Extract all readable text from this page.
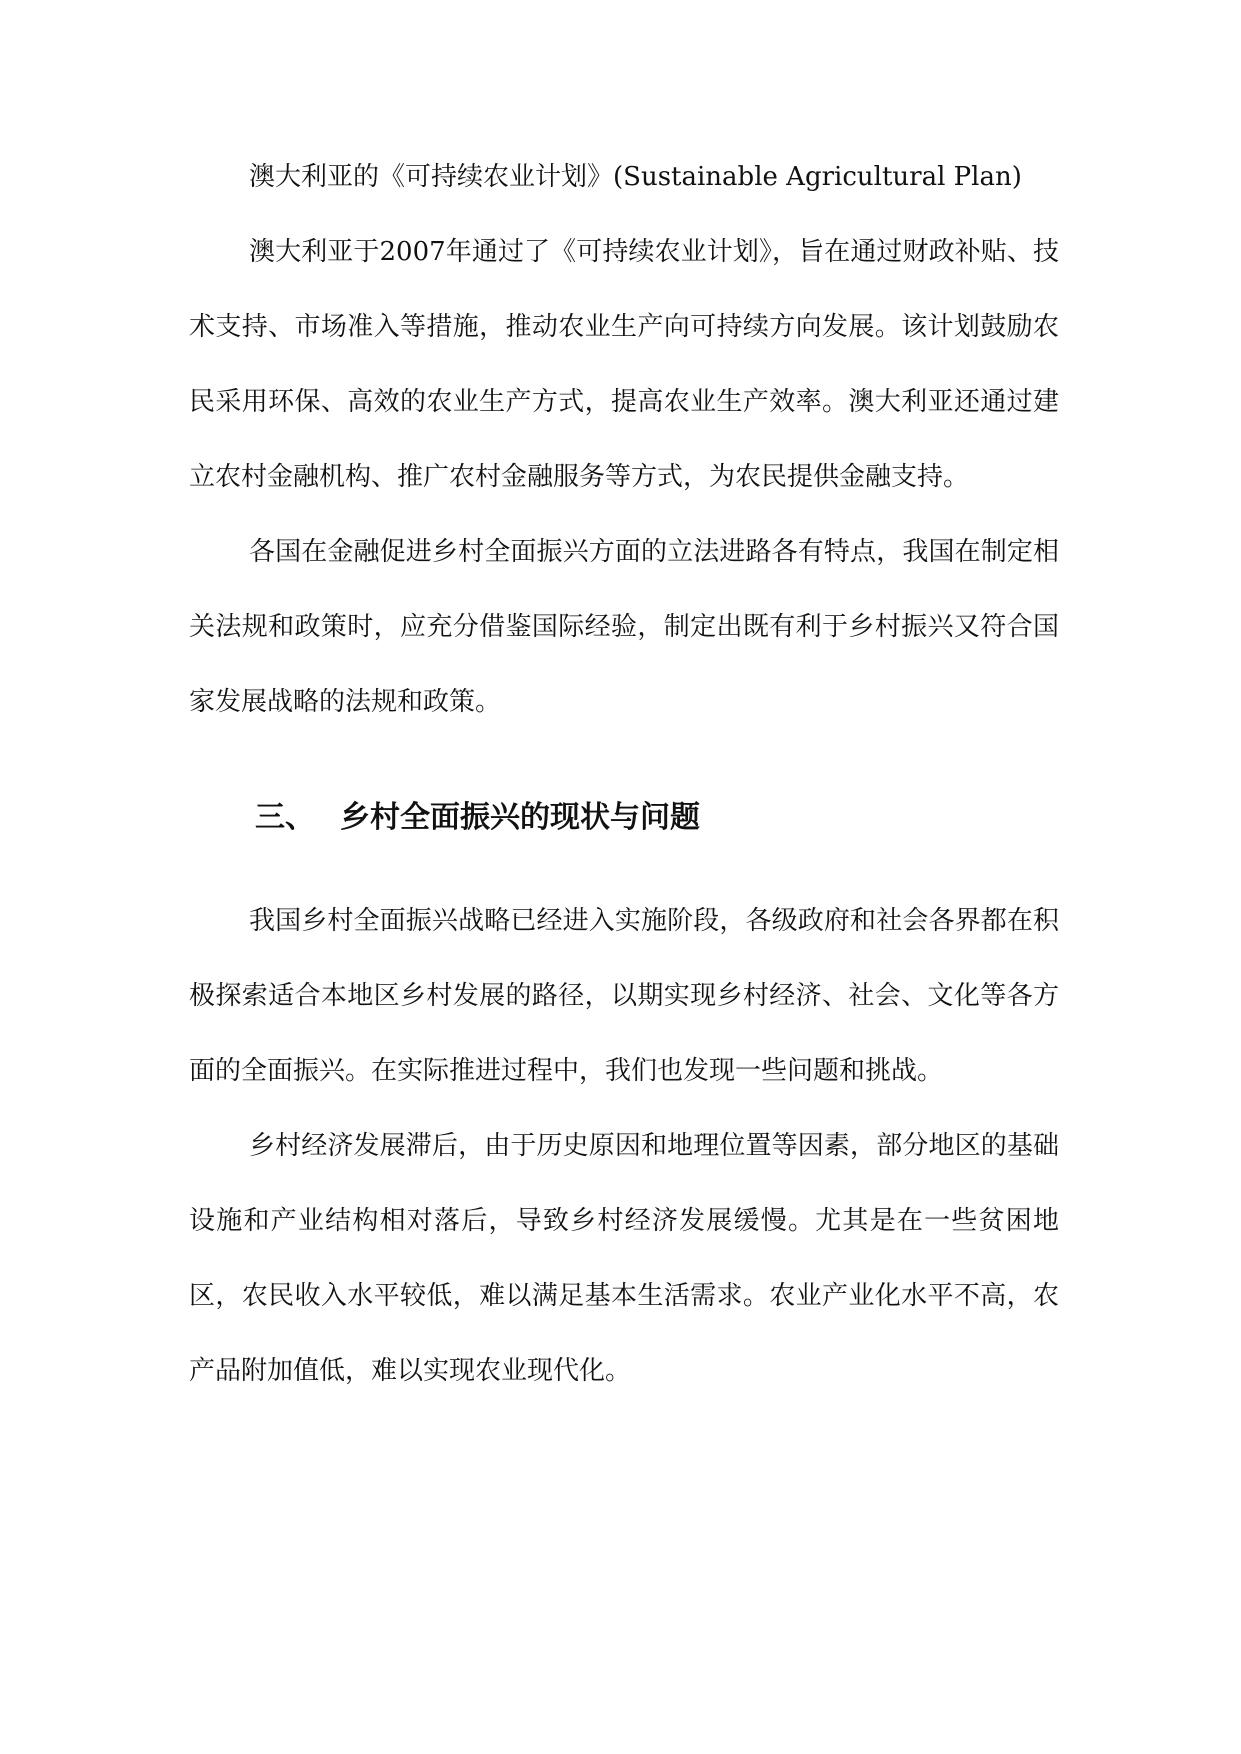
澳大利亚的《可持续农业计划》(Sustainable Agricultural Plan)

澳大利亚于2007年通过了《可持续农业计划》，旨在通过财政补贴、技术支持、市场准入等措施，推动农业生产向可持续方向发展。该计划鼓励农民采用环保、高效的农业生产方式，提高农业生产效率。澳大利亚还通过建立农村金融机构、推广农村金融服务等方式，为农民提供金融支持。

各国在金融促进乡村全面振兴方面的立法进路各有特点，我国在制定相关法规和政策时，应充分借鉴国际经验，制定出既有利于乡村振兴又符合国家发展战略的法规和政策。

三、 乡村全面振兴的现状与问题

我国乡村全面振兴战略已经进入实施阶段，各级政府和社会各界都在积极探索适合本地区乡村发展的路径，以期实现乡村经济、社会、文化等各方面的全面振兴。在实际推进过程中，我们也发现一些问题和挑战。

乡村经济发展滞后，由于历史原因和地理位置等因素，部分地区的基础设施和产业结构相对落后，导致乡村经济发展缓慢。尤其是在一些贫困地区，农民收入水平较低，难以满足基本生活需求。农业产业化水平不高，农产品附加值低，难以实现农业现代化。
